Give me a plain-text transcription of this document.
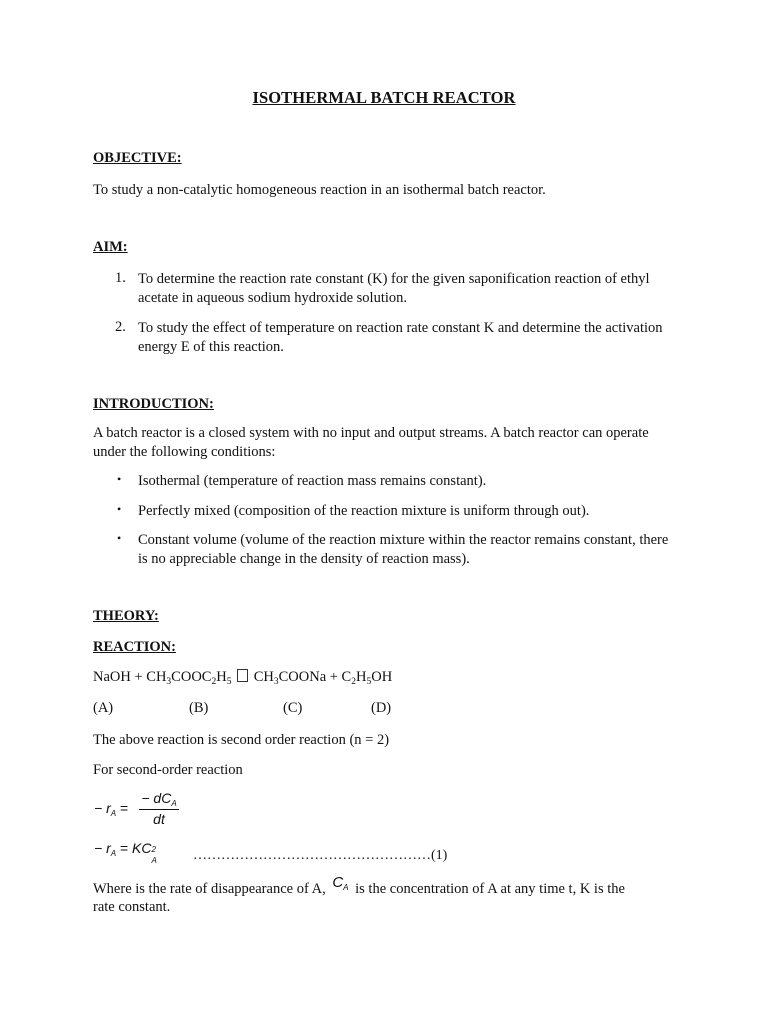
ISOTHERMAL BATCH REACTOR
OBJECTIVE:
To study a non-catalytic homogeneous reaction in an isothermal batch reactor.
AIM:
1. To determine the reaction rate constant (K) for the given saponification reaction of ethyl acetate in aqueous sodium hydroxide solution.
2. To study the effect of temperature on reaction rate constant K and determine the activation energy E of this reaction.
INTRODUCTION:
A batch reactor is a closed system with no input and output streams. A batch reactor can operate under the following conditions:
• Isothermal (temperature of reaction mass remains constant).
• Perfectly mixed (composition of the reaction mixture is uniform through out).
• Constant volume (volume of the reaction mixture within the reactor remains constant, there is no appreciable change in the density of reaction mass).
THEORY:
REACTION:
NaOH + $CH_3COOC_2H_5$  $CH_3COONa + C_2H_5OH$
(A)	(B)	(C)	(D)
The above reaction is second order reaction (n = 2)
For second-order reaction
− $r_A$ =
− $dC_A$
dt
− $r_A$ = KC 2
A	……………………………………………(1)
Where is the rate of disappearance of A, $C_A$ is the concentration of A at any time t, K is the
rate constant.
